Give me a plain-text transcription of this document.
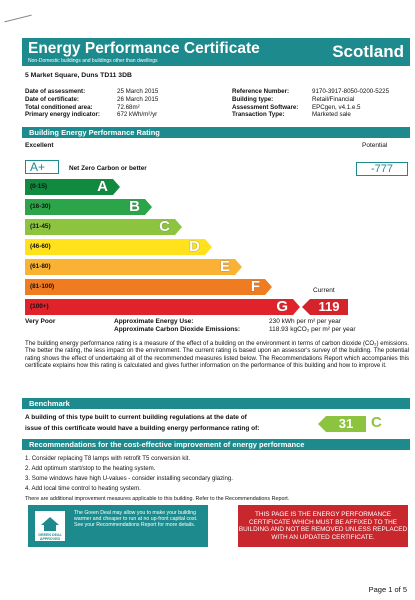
Energy Performance Certificate
Non-Domestic buildings and buildings other than dwellings	Scotland
5 Market Square, Duns TD11 3DB
Date of assessment:	25 March 2015
Date of certificate:	26 March 2015
Total conditioned area:	72.68m²
Primary energy indicator:	672 kWh/m²/yr
Reference Number:	9170-3917-8050-0200-5225
Building type:	Retail/Financial
Assessment Software:	EPCgen, v4.1.e.5
Transaction Type:	Marketed sale
Building Energy Performance Rating
Excellent	Potential
A+	Net Zero Carbon or better	-777
(0-15)	A
(16-30)	B
(31-45)	C
(46-60)	D
(61-80)	E
(81-100)	F
(100+)	G
Current
119
Very Poor	Approximate Energy Use:	230 kWh per m² per year
Approximate Carbon Dioxide Emissions:	118.93 kgCO₂ per m² per year
The building energy performance rating is a measure of the effect of a building on the environment in terms of carbon dioxide (CO₂) emissions. The better the rating, the less impact on the environment. The current rating is based upon an assessor's survey of the building. The potential rating shows the effect of undertaking all of the recommended measures listed below. The Recommendations Report which accompanies this certificate explains how this rating is calculated and gives further information on the performance of this building and how to improve it.
Benchmark
A building of this type built to current building regulations at the date of
issue of this certificate would have a building energy performance rating of:	31	C
Recommendations for the cost-effective improvement of energy performance
1. Consider replacing T8 lamps with retrofit T5 conversion kit.
2. Add optimum start/stop to the heating system.
3. Some windows have high U-values - consider installing secondary glazing.
4. Add local time control to heating system.
There are additional improvement measures applicable to this building. Refer to the Recommendations Report.
GREEN DEAL APPROVED
The Green Deal may allow you to make your building warmer and cheaper to run at no up-front capital cost. See your Recommendations Report for more details.
THIS PAGE IS THE ENERGY PERFORMANCE CERTIFICATE WHICH MUST BE AFFIXED TO THE BUILDING AND NOT BE REMOVED UNLESS REPLACED WITH AN UPDATED CERTIFICATE.
Page 1 of 5
